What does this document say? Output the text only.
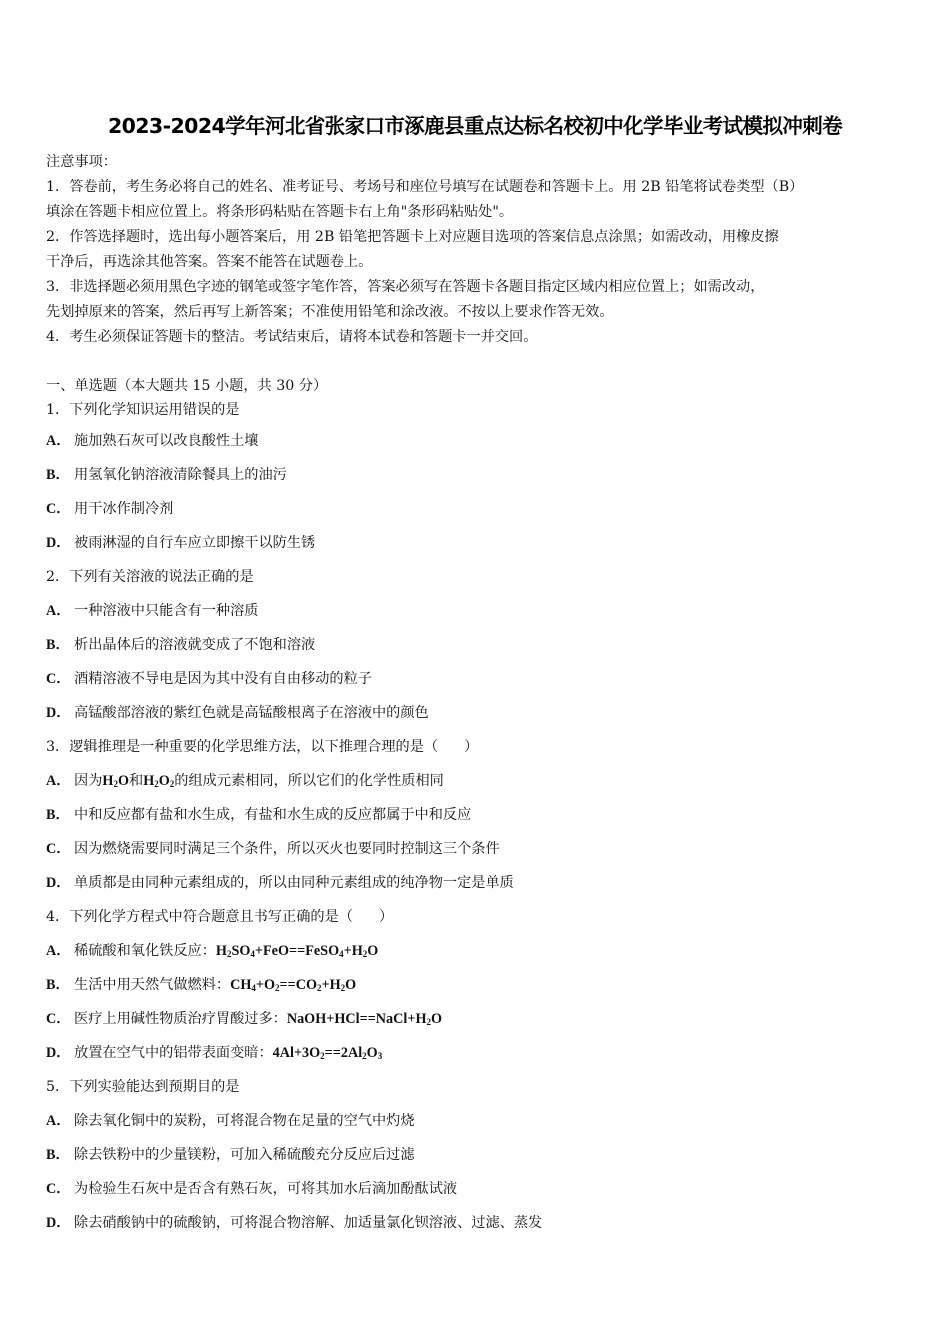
2023-2024学年河北省张家口市涿鹿县重点达标名校初中化学毕业考试模拟冲刺卷
注意事项：
1．答卷前，考生务必将自己的姓名、准考证号、考场号和座位号填写在试题卷和答题卡上。用 2B 铅笔将试卷类型（B）
填涂在答题卡相应位置上。将条形码粘贴在答题卡右上角"条形码粘贴处"。
2．作答选择题时，选出每小题答案后，用 2B 铅笔把答题卡上对应题目选项的答案信息点涂黑；如需改动，用橡皮擦
干净后，再选涂其他答案。答案不能答在试题卷上。
3．非选择题必须用黑色字迹的钢笔或签字笔作答，答案必须写在答题卡各题目指定区域内相应位置上；如需改动，
先划掉原来的答案，然后再写上新答案；不准使用铅笔和涂改液。不按以上要求作答无效。
4．考生必须保证答题卡的整洁。考试结束后，请将本试卷和答题卡一并交回。
一、单选题（本大题共 15 小题，共 30 分）
1．下列化学知识运用错误的是
A． 施加熟石灰可以改良酸性土壤
B． 用氢氧化钠溶液清除餐具上的油污
C． 用干冰作制冷剂
D． 被雨淋湿的自行车应立即擦干以防生锈
2．下列有关溶液的说法正确的是
A． 一种溶液中只能含有一种溶质
B． 析出晶体后的溶液就变成了不饱和溶液
C． 酒精溶液不导电是因为其中没有自由移动的粒子
D． 高锰酸部溶液的紫红色就是高锰酸根离子在溶液中的颜色
3．逻辑推理是一种重要的化学思维方法，以下推理合理的是（ ）
A． 因为$H_2O$和$H_2O_2$的组成元素相同，所以它们的化学性质相同
B． 中和反应都有盐和水生成，有盐和水生成的反应都属于中和反应
C． 因为燃烧需要同时满足三个条件，所以灭火也要同时控制这三个条件
D． 单质都是由同种元素组成的，所以由同种元素组成的纯净物一定是单质
4．下列化学方程式中符合题意且书写正确的是（ ）
A． 稀硫酸和氧化铁反应：$H_2SO_4+FeO==FeSO_4+H_2O$
B． 生活中用天然气做燃料：$CH_4+O_2==CO_2+H_2O$
C． 医疗上用碱性物质治疗胃酸过多：$NaOH+HCl==NaCl+H_2O$
D． 放置在空气中的铝带表面变暗：$4Al+3O_2==2Al_2O_3$
5．下列实验能达到预期目的是
A． 除去氧化铜中的炭粉，可将混合物在足量的空气中灼烧
B． 除去铁粉中的少量镁粉，可加入稀硫酸充分反应后过滤
C． 为检验生石灰中是否含有熟石灰，可将其加水后滴加酚酞试液
D． 除去硝酸钠中的硫酸钠，可将混合物溶解、加适量氯化钡溶液、过滤、蒸发
